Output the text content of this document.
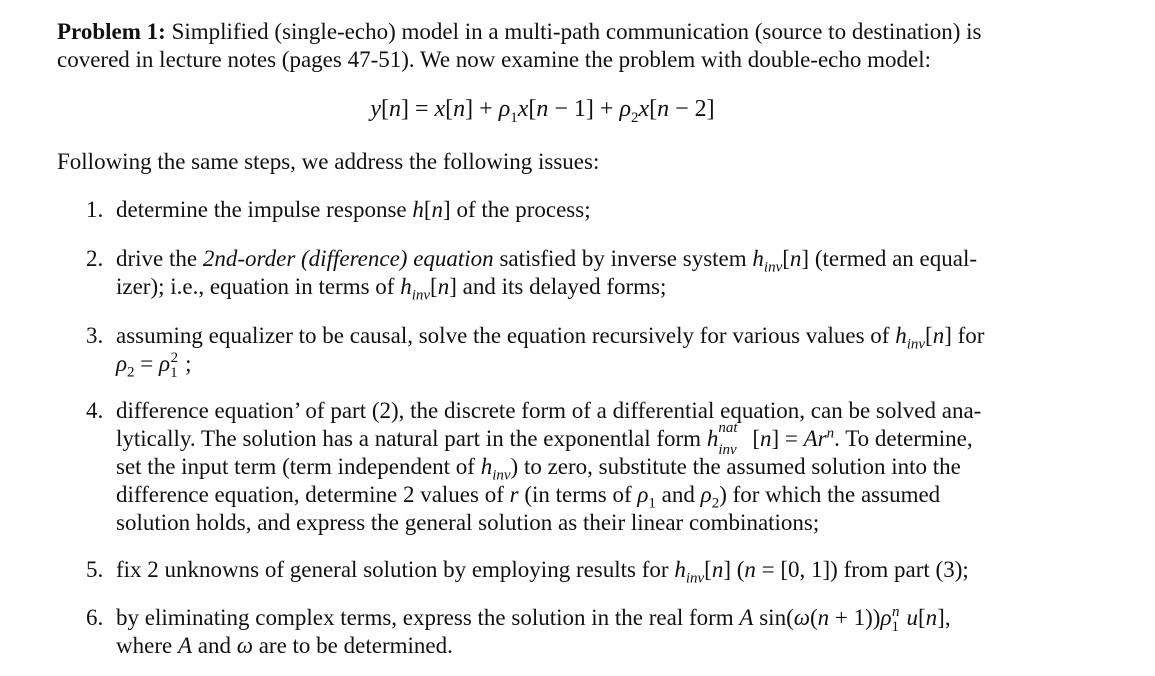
Problem 1: Simplified (single-echo) model in a multi-path communication (source to destination) is
covered in lecture notes (pages 47-51). We now examine the problem with double-echo model:
$y[n] = x[n] + \rho_1x[n - 1] + \rho_2x[n - 2]$
Following the same steps, we address the following issues:
1. determine the impulse response h[n] of the process;
2. drive the 2nd-order (difference) equation satisfied by inverse system $h_{inv}[n]$ (termed an equal-
izer); i.e., equation in terms of $h_{inv}[n]$ and its delayed forms;
3. assuming equalizer to be causal, solve the equation recursively for various values of $h_{inv}[n]$ for
$\rho_2 = \rho_1^2$ ;
4. difference equation’ of part (2), the discrete form of a differential equation, can be solved ana-
lytically. The solution has a natural part in the exponentlal form h nat
inv $[n] = Ar^n$. To determine,
set the input term (term independent of $h_{inv}$) to zero, substitute the assumed solution into the
difference equation, determine 2 values of r (in terms of $\rho_1$ and $\rho_2$) for which the assumed
solution holds, and express the general solution as their linear combinations;
5. fix 2 unknowns of general solution by employing results for $h_{inv}[n] (n = [0$, 1]) from part (3);
6. by eliminating complex terms, express the solution in the real form A $\sin(\omega(n + 1))\rho_1^n$ u[n],
where A and ω are to be determined.
